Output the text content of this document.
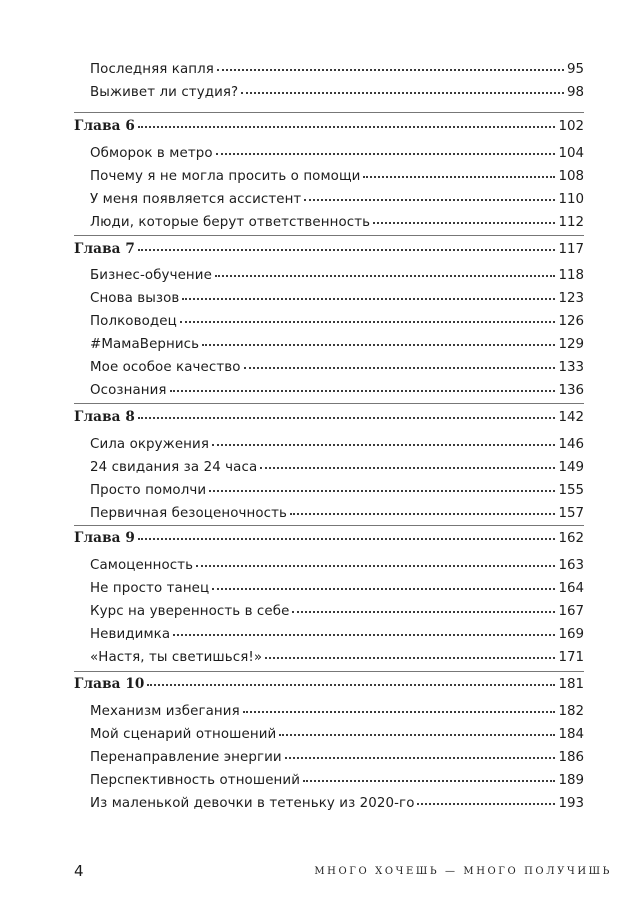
Последняя капля	95
Выживет ли студия?	98
Глава 6	102
Обморок в метро	104
Почему я не могла просить о помощи	108
У меня появляется ассистент	110
Люди, которые берут ответственность	112
Глава 7	117
Бизнес-обучение	118
Снова вызов	123
Полководец	126
#МамаВернись	129
Мое особое качество	133
Осознания	136
Глава 8	142
Сила окружения	146
24 свидания за 24 часа	149
Просто помолчи	155
Первичная безоценочность	157
Глава 9	162
Самоценность	163
Не просто танец	164
Курс на уверенность в себе	167
Невидимка	169
«Настя, ты светишься!»	171
Глава 10	181
Механизм избегания	182
Мой сценарий отношений	184
Перенаправление энергии	186
Перспективность отношений	189
Из маленькой девочки в тетеньку из 2020-го	193
4	МНОГО ХОЧЕШЬ — МНОГО ПОЛУЧИШЬ
